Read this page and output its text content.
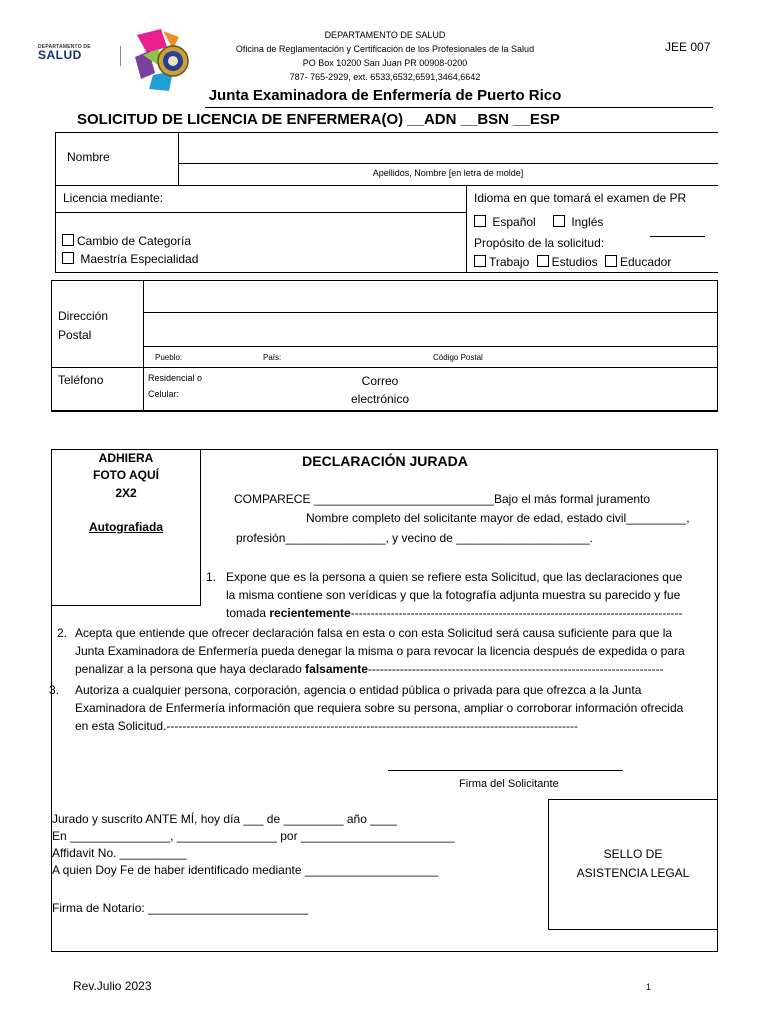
DEPARTAMENTO DE
SALUD
DEPARTAMENTO DE SALUD
Oficina de Reglamentación y Certificación de los Profesionales de la Salud
PO Box 10200 San Juan PR 00908-0200
787- 765-2929, ext. 6533,6532,6591,3464,6642
JEE 007
Junta Examinadora de Enfermería de Puerto Rico
SOLICITUD DE LICENCIA DE ENFERMERA(O) __ADN __BSN __ESP
Nombre
Apellidos, Nombre [en letra de molde]
Licencia mediante:
Cambio de Categoría
Maestría Especialidad
Idioma en que tomará el examen de PR
Español	Inglés
Propósito de la solicitud:
Trabajo Estudios Educador
Dirección Postal
Pueblo:	País:	Código Postal
Teléfono	Residencial o
Celular:
Correo
electrónico
ADHIERA
FOTO AQUÍ
2X2
Autografiada
DECLARACIÓN JURADA
COMPARECE ___________________________Bajo el más formal juramento
Nombre completo del solicitante mayor de edad, estado civil_________,
profesión_______________, y vecino de ____________________.
1. Expone que es la persona a quien se refiere esta Solicitud, que las declaraciones que
la misma contiene son verídicas y que la fotografía adjunta muestra su parecido y fue
tomada recientemente-----------------------------------------------------------------------------------
2. Acepta que entiende que ofrecer declaración falsa en esta o con esta Solicitud será causa suficiente para que la
Junta Examinadora de Enfermería pueda denegar la misma o para revocar la licencia después de expedida o para
penalizar a la persona que haya declarado falsamente--------------------------------------------------------------------------
3. Autoriza a cualquier persona, corporación, agencia o entidad pública o privada para que ofrezca a la Junta
Examinadora de Enfermería información que requiera sobre su persona, ampliar o corroborar información ofrecida
en esta Solicitud.-------------------------------------------------------------------------------------------------------
Firma del Solicitante
Jurado y suscrito ANTE MÍ, hoy día ___ de _________ año ____
En _______________, _______________ por _______________________
Affidavit No. __________
A quien Doy Fe de haber identificado mediante ____________________
Firma de Notario: ________________________
SELLO DE
ASISTENCIA LEGAL
Rev.Julio 2023	1
